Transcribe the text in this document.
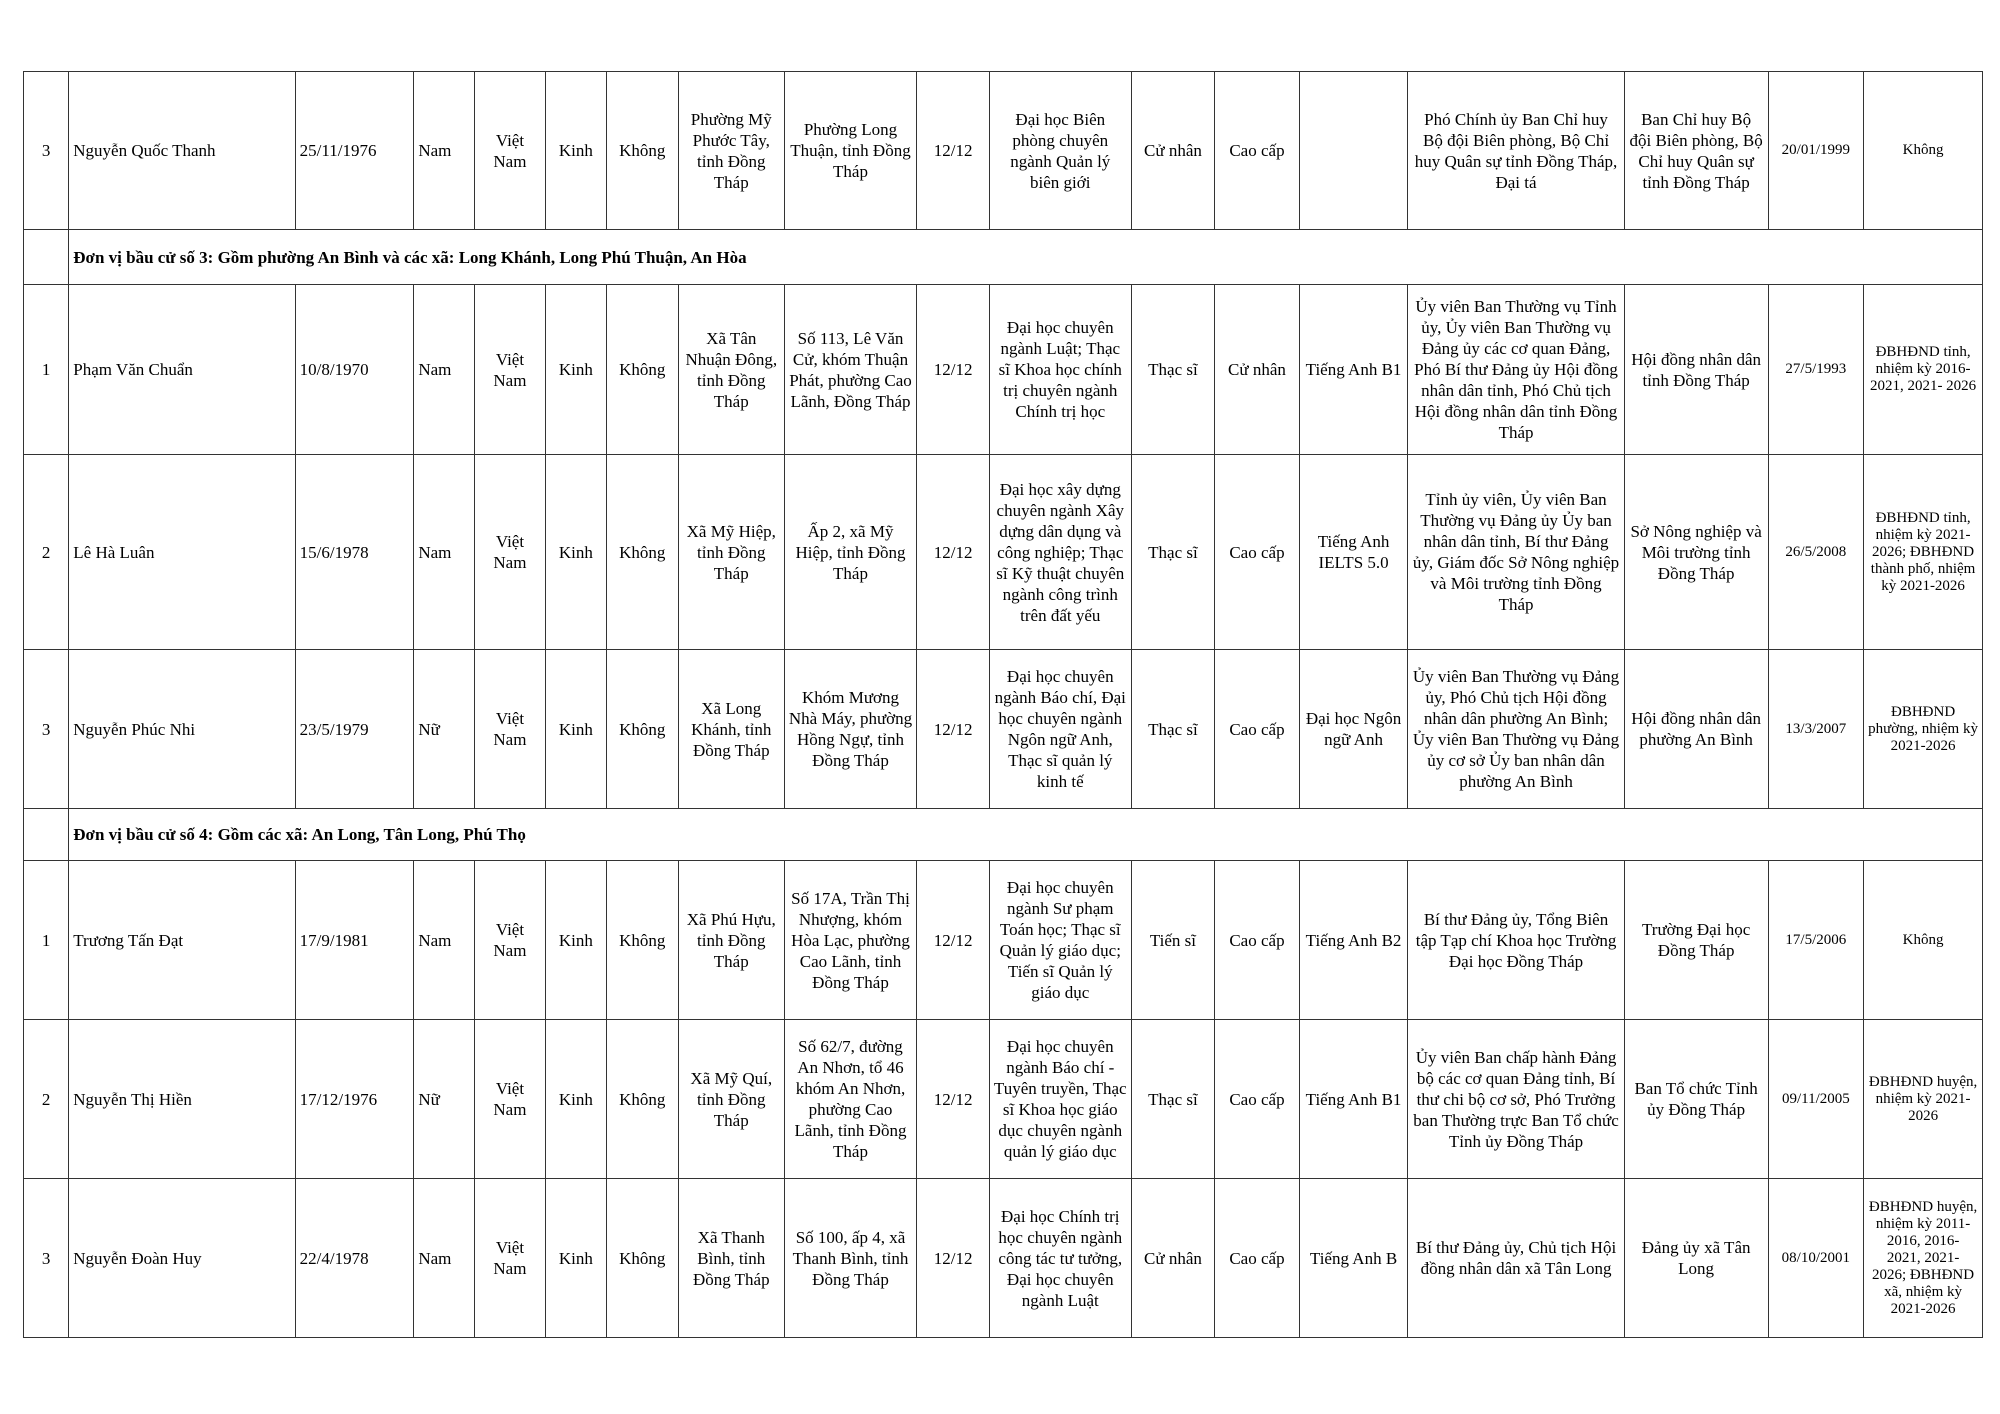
3	Nguyễn Quốc Thanh	25/11/1976	Nam	Việt Nam	Kinh	Không	Phường Mỹ Phước Tây, tỉnh Đồng Tháp	Phường Long Thuận, tỉnh Đồng Tháp	12/12	Đại học Biên phòng chuyên ngành Quản lý biên giới	Cử nhân	Cao cấp		Phó Chính ủy Ban Chỉ huy Bộ đội Biên phòng, Bộ Chỉ huy Quân sự tỉnh Đồng Tháp, Đại tá	Ban Chỉ huy Bộ đội Biên phòng, Bộ Chỉ huy Quân sự tỉnh Đồng Tháp	20/01/1999	Không
	Đơn vị bầu cử số 3: Gồm phường An Bình và các xã: Long Khánh, Long Phú Thuận, An Hòa																
1	Phạm Văn Chuẩn	10/8/1970	Nam	Việt Nam	Kinh	Không	Xã Tân Nhuận Đông, tỉnh Đồng Tháp	Số 113, Lê Văn Cử, khóm Thuận Phát, phường Cao Lãnh, Đồng Tháp	12/12	Đại học chuyên ngành Luật; Thạc sĩ Khoa học chính trị chuyên ngành Chính trị học	Thạc sĩ	Cử nhân	Tiếng Anh B1	Ủy viên Ban Thường vụ Tỉnh ủy, Ủy viên Ban Thường vụ Đảng ủy các cơ quan Đảng, Phó Bí thư Đảng ủy Hội đồng nhân dân tỉnh, Phó Chủ tịch Hội đồng nhân dân tỉnh Đồng Tháp	Hội đồng nhân dân tỉnh Đồng Tháp	27/5/1993	ĐBHĐND tỉnh, nhiệm kỳ 2016-2021, 2021- 2026
2	Lê Hà Luân	15/6/1978	Nam	Việt Nam	Kinh	Không	Xã Mỹ Hiệp, tỉnh Đồng Tháp	Ấp 2, xã Mỹ Hiệp, tỉnh Đồng Tháp	12/12	Đại học xây dựng chuyên ngành Xây dựng dân dụng và công nghiệp; Thạc sĩ Kỹ thuật chuyên ngành công trình trên đất yếu	Thạc sĩ	Cao cấp	Tiếng Anh IELTS 5.0	Tỉnh ủy viên, Ủy viên Ban Thường vụ Đảng ủy Ủy ban nhân dân tỉnh, Bí thư Đảng ủy, Giám đốc Sở Nông nghiệp và Môi trường tỉnh Đồng Tháp	Sở Nông nghiệp và Môi trường tỉnh Đồng Tháp	26/5/2008	ĐBHĐND tỉnh, nhiệm kỳ 2021-2026; ĐBHĐND thành phố, nhiệm kỳ 2021-2026
3	Nguyễn Phúc Nhi	23/5/1979	Nữ	Việt Nam	Kinh	Không	Xã Long Khánh, tỉnh Đồng Tháp	Khóm Mương Nhà Máy, phường Hồng Ngự, tỉnh Đồng Tháp	12/12	Đại học chuyên ngành Báo chí, Đại học chuyên ngành Ngôn ngữ Anh, Thạc sĩ quản lý kinh tế	Thạc sĩ	Cao cấp	Đại học Ngôn ngữ Anh	Ủy viên Ban Thường vụ Đảng ủy, Phó Chủ tịch Hội đồng nhân dân phường An Bình; Ủy viên Ban Thường vụ Đảng ủy cơ sở Ủy ban nhân dân phường An Bình	Hội đồng nhân dân phường An Bình	13/3/2007	ĐBHĐND phường, nhiệm kỳ 2021-2026
	Đơn vị bầu cử số 4: Gồm các xã: An Long, Tân Long, Phú Thọ																
1	Trương Tấn Đạt	17/9/1981	Nam	Việt Nam	Kinh	Không	Xã Phú Hựu, tỉnh Đồng Tháp	Số 17A, Trần Thị Nhượng, khóm Hòa Lạc, phường Cao Lãnh, tỉnh Đồng Tháp	12/12	Đại học chuyên ngành Sư phạm Toán học; Thạc sĩ Quản lý giáo dục; Tiến sĩ Quản lý giáo dục	Tiến sĩ	Cao cấp	Tiếng Anh B2	Bí thư Đảng ủy, Tổng Biên tập Tạp chí Khoa học Trường Đại học Đồng Tháp	Trường Đại học Đồng Tháp	17/5/2006	Không
2	Nguyễn Thị Hiền	17/12/1976	Nữ	Việt Nam	Kinh	Không	Xã Mỹ Quí, tỉnh Đồng Tháp	Số 62/7, đường An Nhơn, tổ 46 khóm An Nhơn, phường Cao Lãnh, tỉnh Đồng Tháp	12/12	Đại học chuyên ngành Báo chí - Tuyên truyền, Thạc sĩ Khoa học giáo dục chuyên ngành quản lý giáo dục	Thạc sĩ	Cao cấp	Tiếng Anh B1	Ủy viên Ban chấp hành Đảng bộ các cơ quan Đảng tỉnh, Bí thư chi bộ cơ sở, Phó Trưởng ban Thường trực Ban Tổ chức Tỉnh ủy Đồng Tháp	Ban Tổ chức Tỉnh ủy Đồng Tháp	09/11/2005	ĐBHĐND huyện, nhiệm kỳ 2021- 2026
3	Nguyễn Đoàn Huy	22/4/1978	Nam	Việt Nam	Kinh	Không	Xã Thanh Bình, tỉnh Đồng Tháp	Số 100, ấp 4, xã Thanh Bình, tỉnh Đồng Tháp	12/12	Đại học Chính trị học chuyên ngành công tác tư tưởng, Đại học chuyên ngành Luật	Cử nhân	Cao cấp	Tiếng Anh B	Bí thư Đảng ủy, Chủ tịch Hội đồng nhân dân xã Tân Long	Đảng ủy xã Tân Long	08/10/2001	ĐBHĐND huyện, nhiệm kỳ 2011-2016, 2016- 2021, 2021- 2026; ĐBHĐND xã, nhiệm kỳ 2021-2026
